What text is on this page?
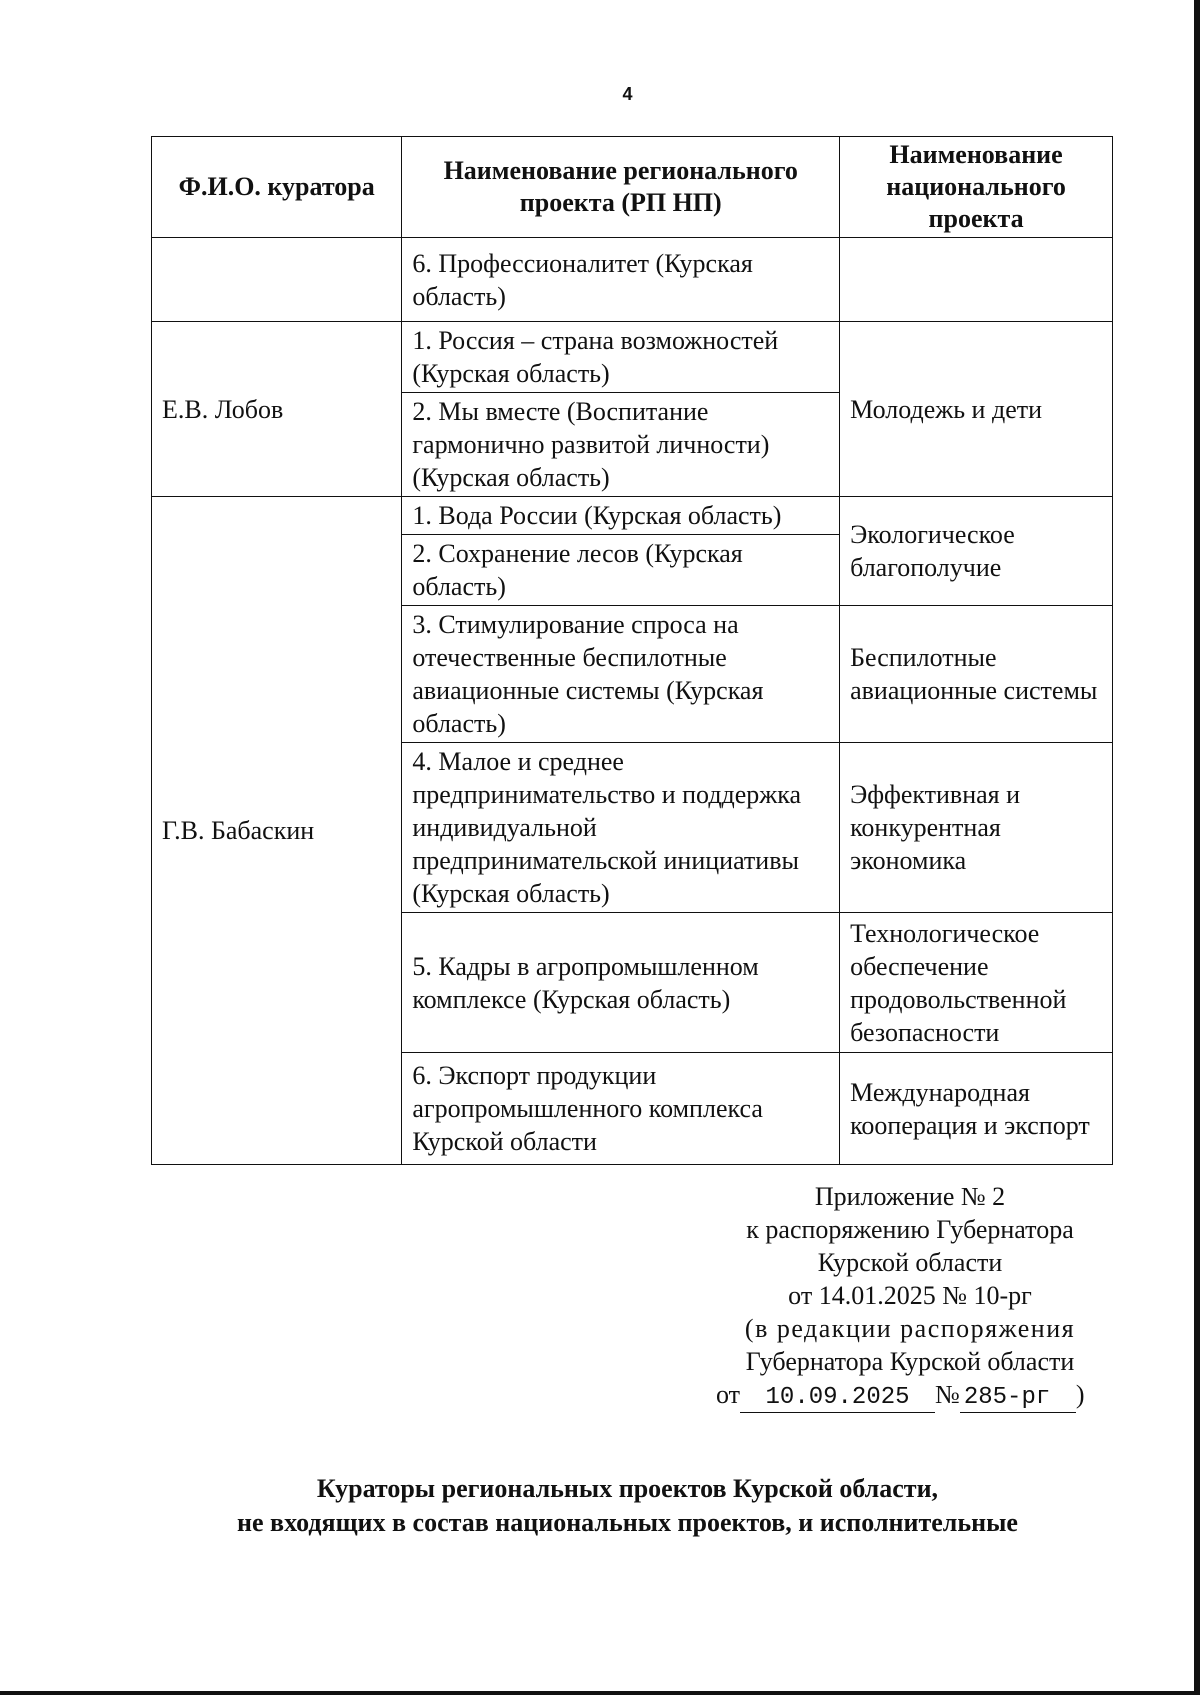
4
Ф.И.О. куратора	Наименование регионального проекта (РП НП)	Наименование национального проекта
	6. Профессионалитет (Курская область)	
Е.В. Лобов	1. Россия – страна возможностей (Курская область)	Молодежь и дети
	2. Мы вместе (Воспитание гармонично развитой личности) (Курская область)	
Г.В. Бабаскин	1. Вода России (Курская область)	Экологическое благополучие
	2. Сохранение лесов (Курская область)	
	3. Стимулирование спроса на отечественные беспилотные авиационные системы (Курская область)	Беспилотные авиационные системы
	4. Малое и среднее предпринимательство и поддержка индивидуальной предпринимательской инициативы (Курская область)	Эффективная и конкурентная экономика
	5. Кадры в агропромышленном комплексе (Курская область)	Технологическое обеспечение продовольственной безопасности
	6. Экспорт продукции агропромышленного комплекса Курской области	Международная кооперация и экспорт
Приложение № 2
к распоряжению Губернатора
Курской области
от 14.01.2025 № 10-рг
(в редакции распоряжения
Губернатора Курской области
от 10.09.2025 № 285-рг )
Кураторы региональных проектов Курской области,
не входящих в состав национальных проектов, и исполнительные
